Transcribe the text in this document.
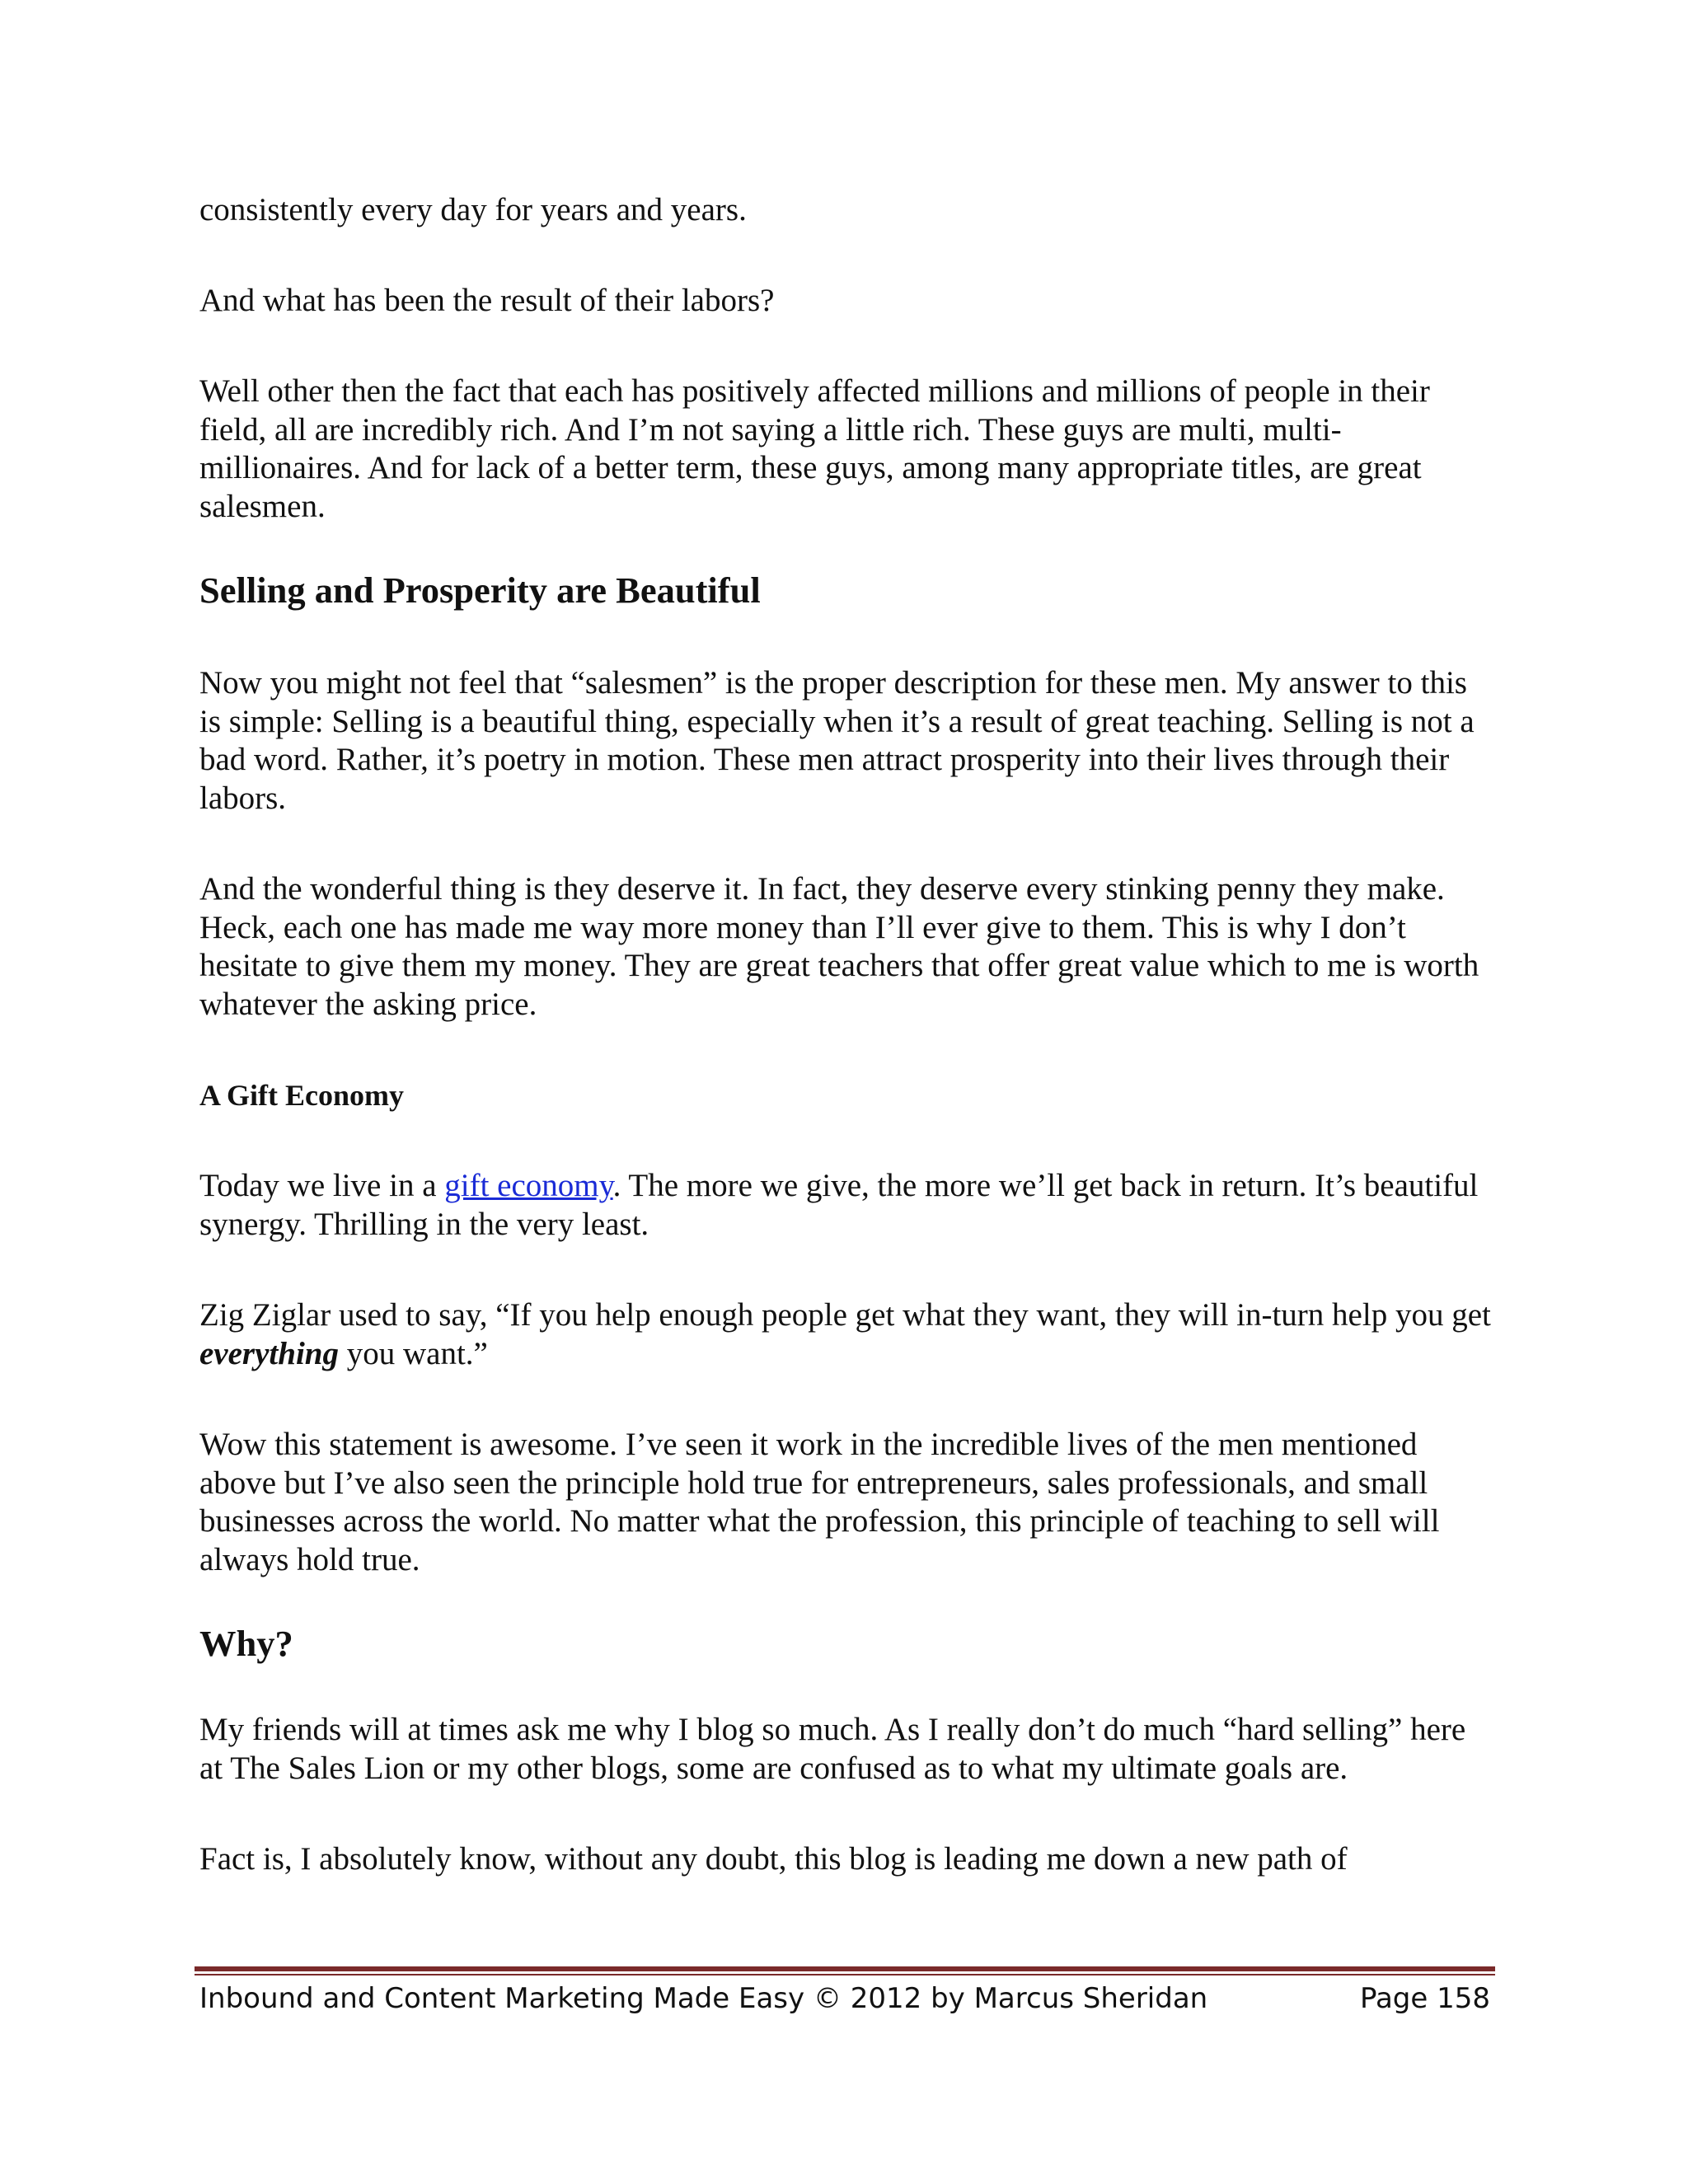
consistently every day for years and years.

And what has been the result of their labors?

Well other then the fact that each has positively affected millions and millions of people in their field, all are incredibly rich. And I’m not saying a little rich. These guys are multi, multi-millionaires. And for lack of a better term, these guys, among many appropriate titles, are great salesmen.

Selling and Prosperity are Beautiful

Now you might not feel that “salesmen” is the proper description for these men. My answer to this is simple: Selling is a beautiful thing, especially when it’s a result of great teaching. Selling is not a bad word. Rather, it’s poetry in motion. These men attract prosperity into their lives through their labors.

And the wonderful thing is they deserve it. In fact, they deserve every stinking penny they make. Heck, each one has made me way more money than I’ll ever give to them. This is why I don’t hesitate to give them my money. They are great teachers that offer great value which to me is worth whatever the asking price.

A Gift Economy

Today we live in a gift economy. The more we give, the more we’ll get back in return. It’s beautiful synergy. Thrilling in the very least.

Zig Ziglar used to say, “If you help enough people get what they want, they will in-turn help you get everything you want.”

Wow this statement is awesome. I’ve seen it work in the incredible lives of the men mentioned above but I’ve also seen the principle hold true for entrepreneurs, sales professionals, and small businesses across the world. No matter what the profession, this principle of teaching to sell will always hold true.

Why?

My friends will at times ask me why I blog so much. As I really don’t do much “hard selling” here at The Sales Lion or my other blogs, some are confused as to what my ultimate goals are.

Fact is, I absolutely know, without any doubt, this blog is leading me down a new path of

Inbound and Content Marketing Made Easy © 2012 by Marcus Sheridan	Page 158
